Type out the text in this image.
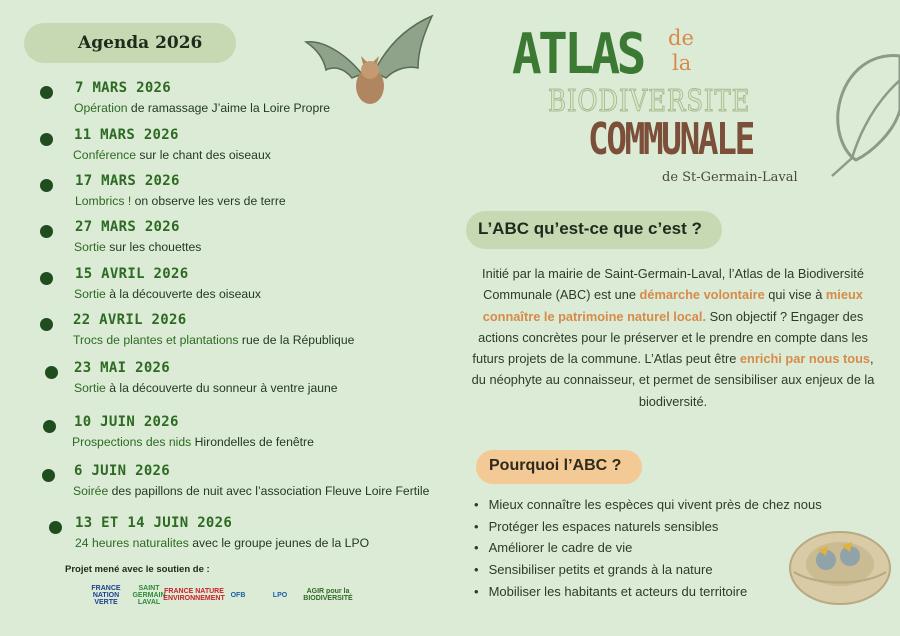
Agenda 2026
7 MARS 2026
Opération de ramassage J’aime la Loire Propre
11 MARS 2026
Conférence sur le chant des oiseaux
17 MARS 2026
Lombrics ! on observe les vers de terre
27 MARS 2026
Sortie sur les chouettes
15 AVRIL 2026
Sortie à la découverte des oiseaux
22 AVRIL 2026
Trocs de plantes et plantations rue de la République
23 MAI 2026
Sortie à la découverte du sonneur à ventre jaune
10 JUIN 2026
Prospections des nids Hirondelles de fenêtre
6 JUIN 2026
Soirée des papillons de nuit avec l’association Fleuve Loire Fertile
13 ET 14 JUIN 2026
24 heures naturalites avec le groupe jeunes de la LPO
Projet mené avec le soutien de :
FRANCE NATION VERTE
SAINT GERMAIN LAVAL
FRANCE NATURE ENVIRONNEMENT OFB	LPO	AGIR pour la BIODIVERSITÉ
ATLAS de
la
BIODIVERSITE
COMMUNALE
de St-Germain-Laval
L’ABC qu’est-ce que c’est ?
Initié par la mairie de Saint-Germain-Laval, l’Atlas de la Biodiversité Communale (ABC) est une démarche volontaire qui vise à mieux connaître le patrimoine naturel local. Son objectif ? Engager des actions concrètes pour le préserver et le prendre en compte dans les futurs projets de la commune. L’Atlas peut être enrichi par nous tous, du néophyte au connaisseur, et permet de sensibiliser aux enjeux de la biodiversité.
Pourquoi l’ABC ?
• Mieux connaître les espèces qui vivent près de chez nous
• Protéger les espaces naturels sensibles
• Améliorer le cadre de vie
• Sensibiliser petits et grands à la nature
• Mobiliser les habitants et acteurs du territoire
